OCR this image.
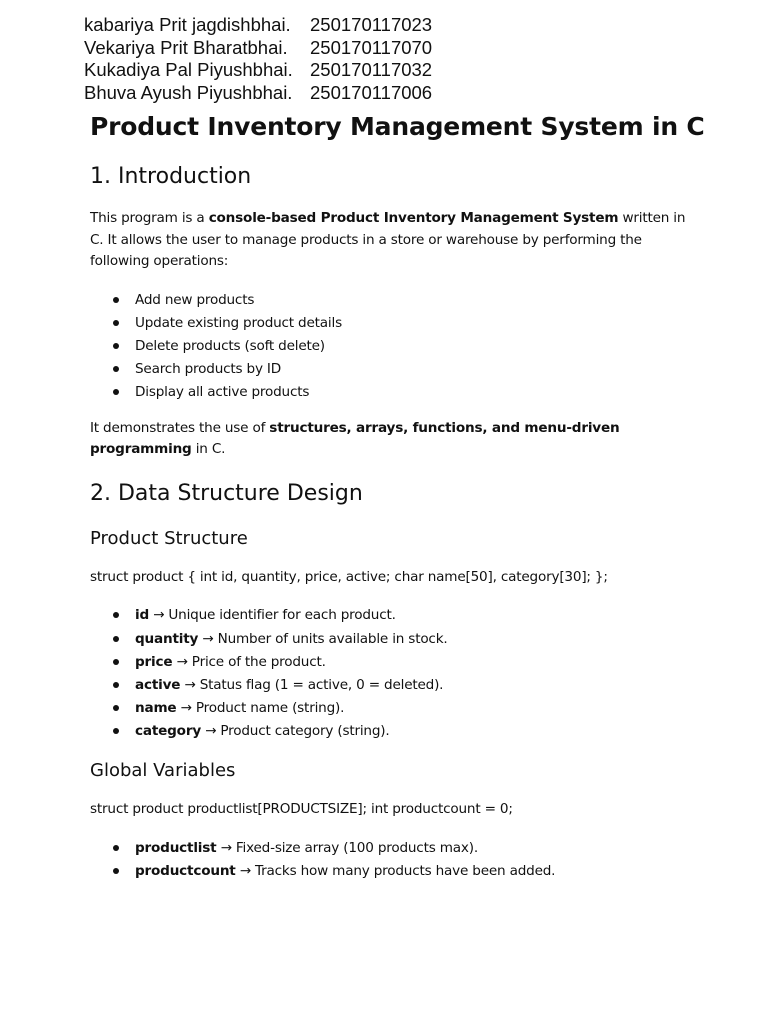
kabariya Prit jagdishbhai.	250170117023
Vekariya Prit Bharatbhai.	250170117070
Kukadiya Pal Piyushbhai. 250170117032
Bhuva Ayush Piyushbhai. 250170117006
Product Inventory Management System in C
1. Introduction

This program is a console-based Product Inventory Management System written in C. It allows the user to manage products in a store or warehouse by performing the following operations:

Add new products
Update existing product details
Delete products (soft delete)
Search products by ID
Display all active products

It demonstrates the use of structures, arrays, functions, and menu-driven programming in C.

2. Data Structure Design
Product Structure

struct product { int id, quantity, price, active; char name[50], category[30]; };

id → Unique identifier for each product.
quantity → Number of units available in stock.
price → Price of the product.
active → Status flag (1 = active, 0 = deleted).
name → Product name (string).
category → Product category (string).
Global Variables

struct product productlist[PRODUCTSIZE]; int productcount = 0;

productlist → Fixed-size array (100 products max).
productcount → Tracks how many products have been added.
